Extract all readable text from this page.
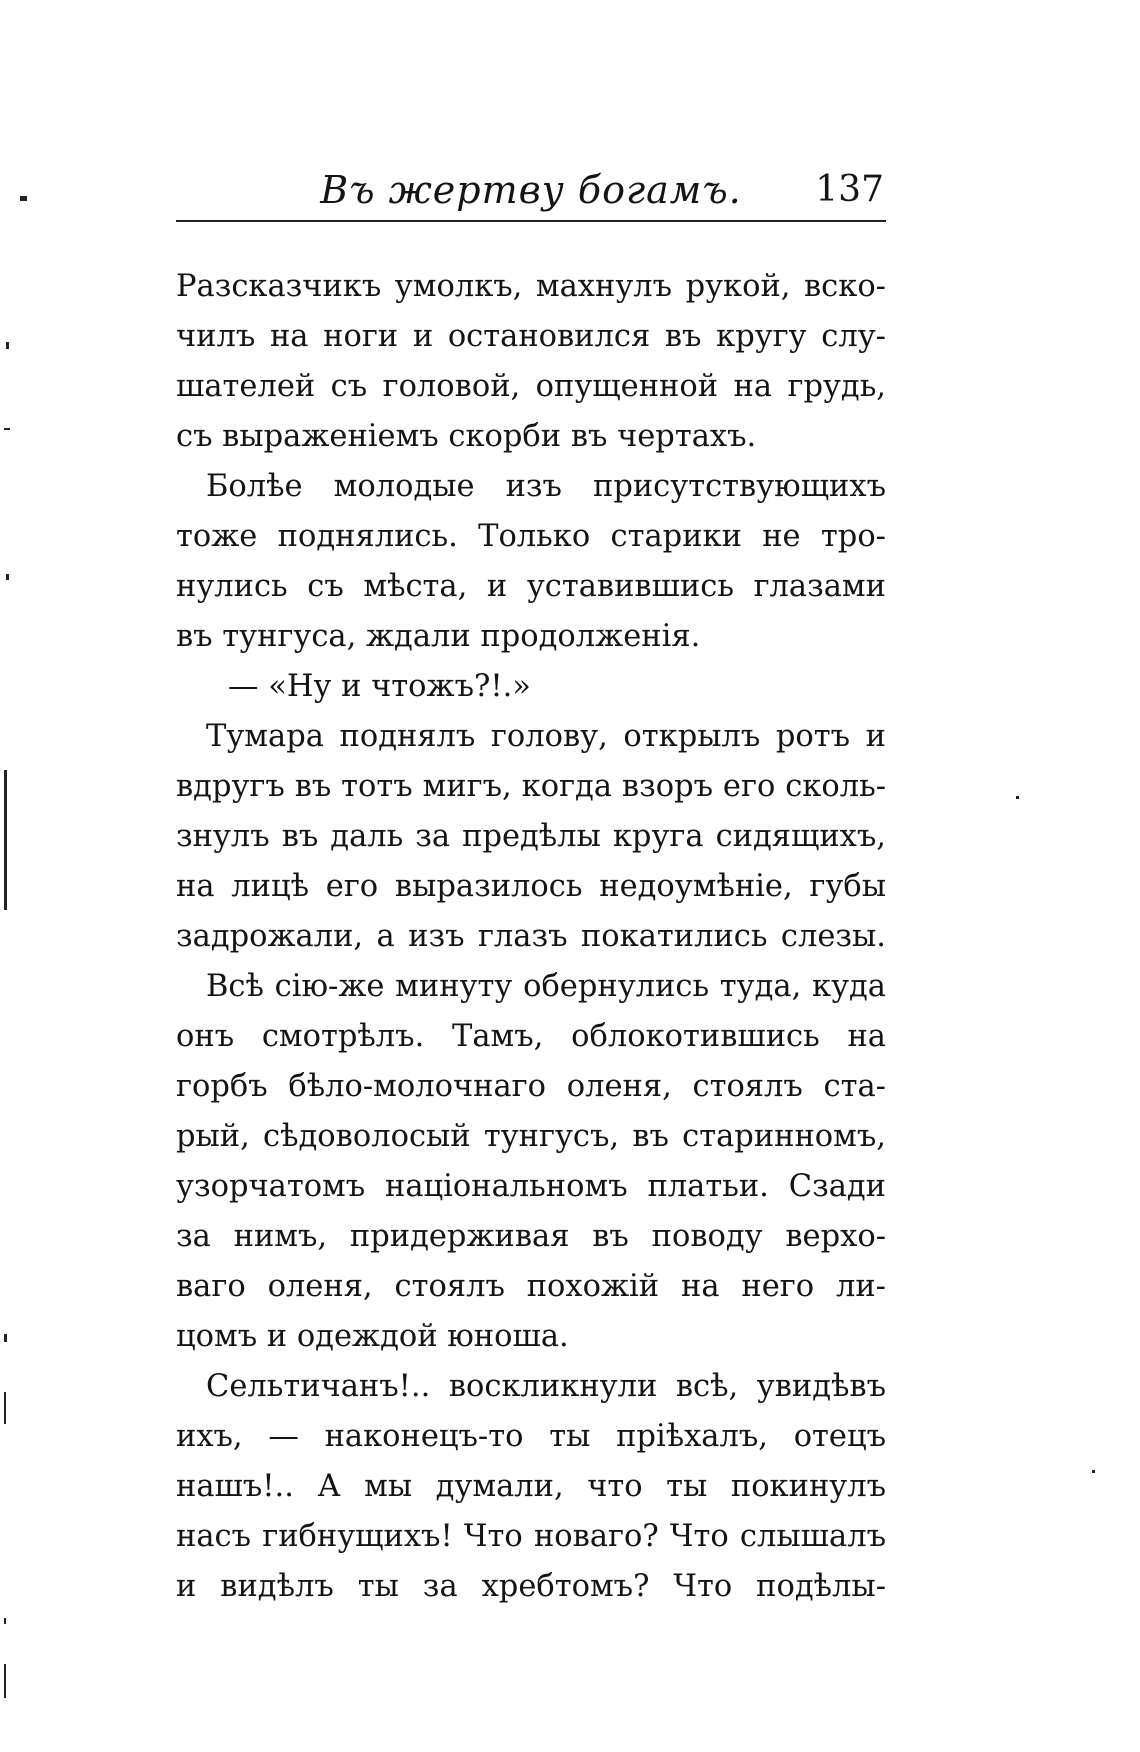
Въ жертву богамъ.	137
Разсказчикъ умолкъ, махнулъ рукой, вско-
чилъ на ноги и остановился въ кругу слу-
шателей съ головой, опущенной на грудь,
съ выраженіемъ скорби въ чертахъ.
Болѣе молодые изъ присутствующихъ
тоже поднялись. Только старики не тро-
нулись съ мѣста, и уставившись глазами
въ тунгуса, ждали продолженія.
— «Ну и чтожъ?!.»
Тумара поднялъ голову, открылъ ротъ и
вдругъ въ тотъ мигъ, когда взоръ его сколь-
знулъ въ даль за предѣлы круга сидящихъ,
на лицѣ его выразилось недоумѣніе, губы
задрожали, а изъ глазъ покатились слезы.
Всѣ сію-же минуту обернулись туда, куда
онъ смотрѣлъ. Тамъ, облокотившись на
горбъ бѣло-молочнаго оленя, стоялъ ста-
рый, сѣдоволосый тунгусъ, въ старинномъ,
узорчатомъ національномъ платьи. Сзади
за нимъ, придерживая въ поводу верхо-
ваго оленя, стоялъ похожій на него ли-
цомъ и одеждой юноша.
Сельтичанъ!.. воскликнули всѣ, увидѣвъ
ихъ, — наконецъ-то ты пріѣхалъ, отецъ
нашъ!.. А мы думали, что ты покинулъ
насъ гибнущихъ! Что новаго? Что слышалъ
и видѣлъ ты за хребтомъ? Что подѣлы-
